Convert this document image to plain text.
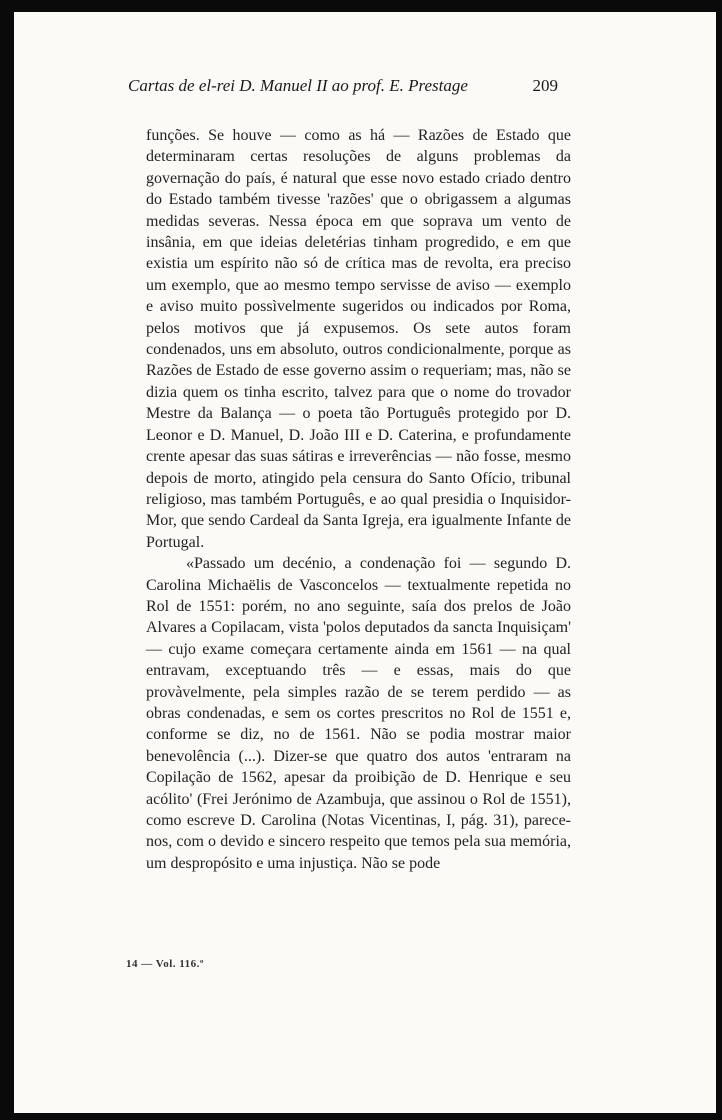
Cartas de el-rei D. Manuel II ao prof. E. Prestage	209

funções. Se houve — como as há — Razões de Estado que determinaram certas resoluções de alguns problemas da governação do país, é natural que esse novo estado criado dentro do Estado também tivesse 'razões' que o obrigassem a algumas medidas severas. Nessa época em que soprava um vento de insânia, em que ideias deletérias tinham progredido, e em que existia um espírito não só de crítica mas de revolta, era preciso um exemplo, que ao mesmo tempo servisse de aviso — exemplo e aviso muito possìvelmente sugeridos ou indicados por Roma, pelos motivos que já expusemos. Os sete autos foram condenados, uns em absoluto, outros condicionalmente, porque as Razões de Estado de esse governo assim o requeriam; mas, não se dizia quem os tinha escrito, talvez para que o nome do trovador Mestre da Balança — o poeta tão Português protegido por D. Leonor e D. Manuel, D. João III e D. Caterina, e profundamente crente apesar das suas sátiras e irreverências — não fosse, mesmo depois de morto, atingido pela censura do Santo Ofício, tribunal religioso, mas também Português, e ao qual presidia o Inquisidor-Mor, que sendo Cardeal da Santa Igreja, era igualmente Infante de Portugal.

«Passado um decénio, a condenação foi — segundo D. Carolina Michaëlis de Vasconcelos — textualmente repetida no Rol de 1551: porém, no ano seguinte, saía dos prelos de João Alvares a Copilacam, vista 'polos deputados da sancta Inquisiçam' — cujo exame começara certamente ainda em 1561 — na qual entravam, exceptuando três — e essas, mais do que provàvelmente, pela simples razão de se terem perdido — as obras condenadas, e sem os cortes prescritos no Rol de 1551 e, conforme se diz, no de 1561. Não se podia mostrar maior benevolência (...). Dizer-se que quatro dos autos 'entraram na Copilação de 1562, apesar da proibição de D. Henrique e seu acólito' (Frei Jerónimo de Azambuja, que assinou o Rol de 1551), como escreve D. Carolina (Notas Vicentinas, I, pág. 31), parece-nos, com o devido e sincero respeito que temos pela sua memória, um despropósito e uma injustiça. Não se pode

14 — Vol. 116.º
